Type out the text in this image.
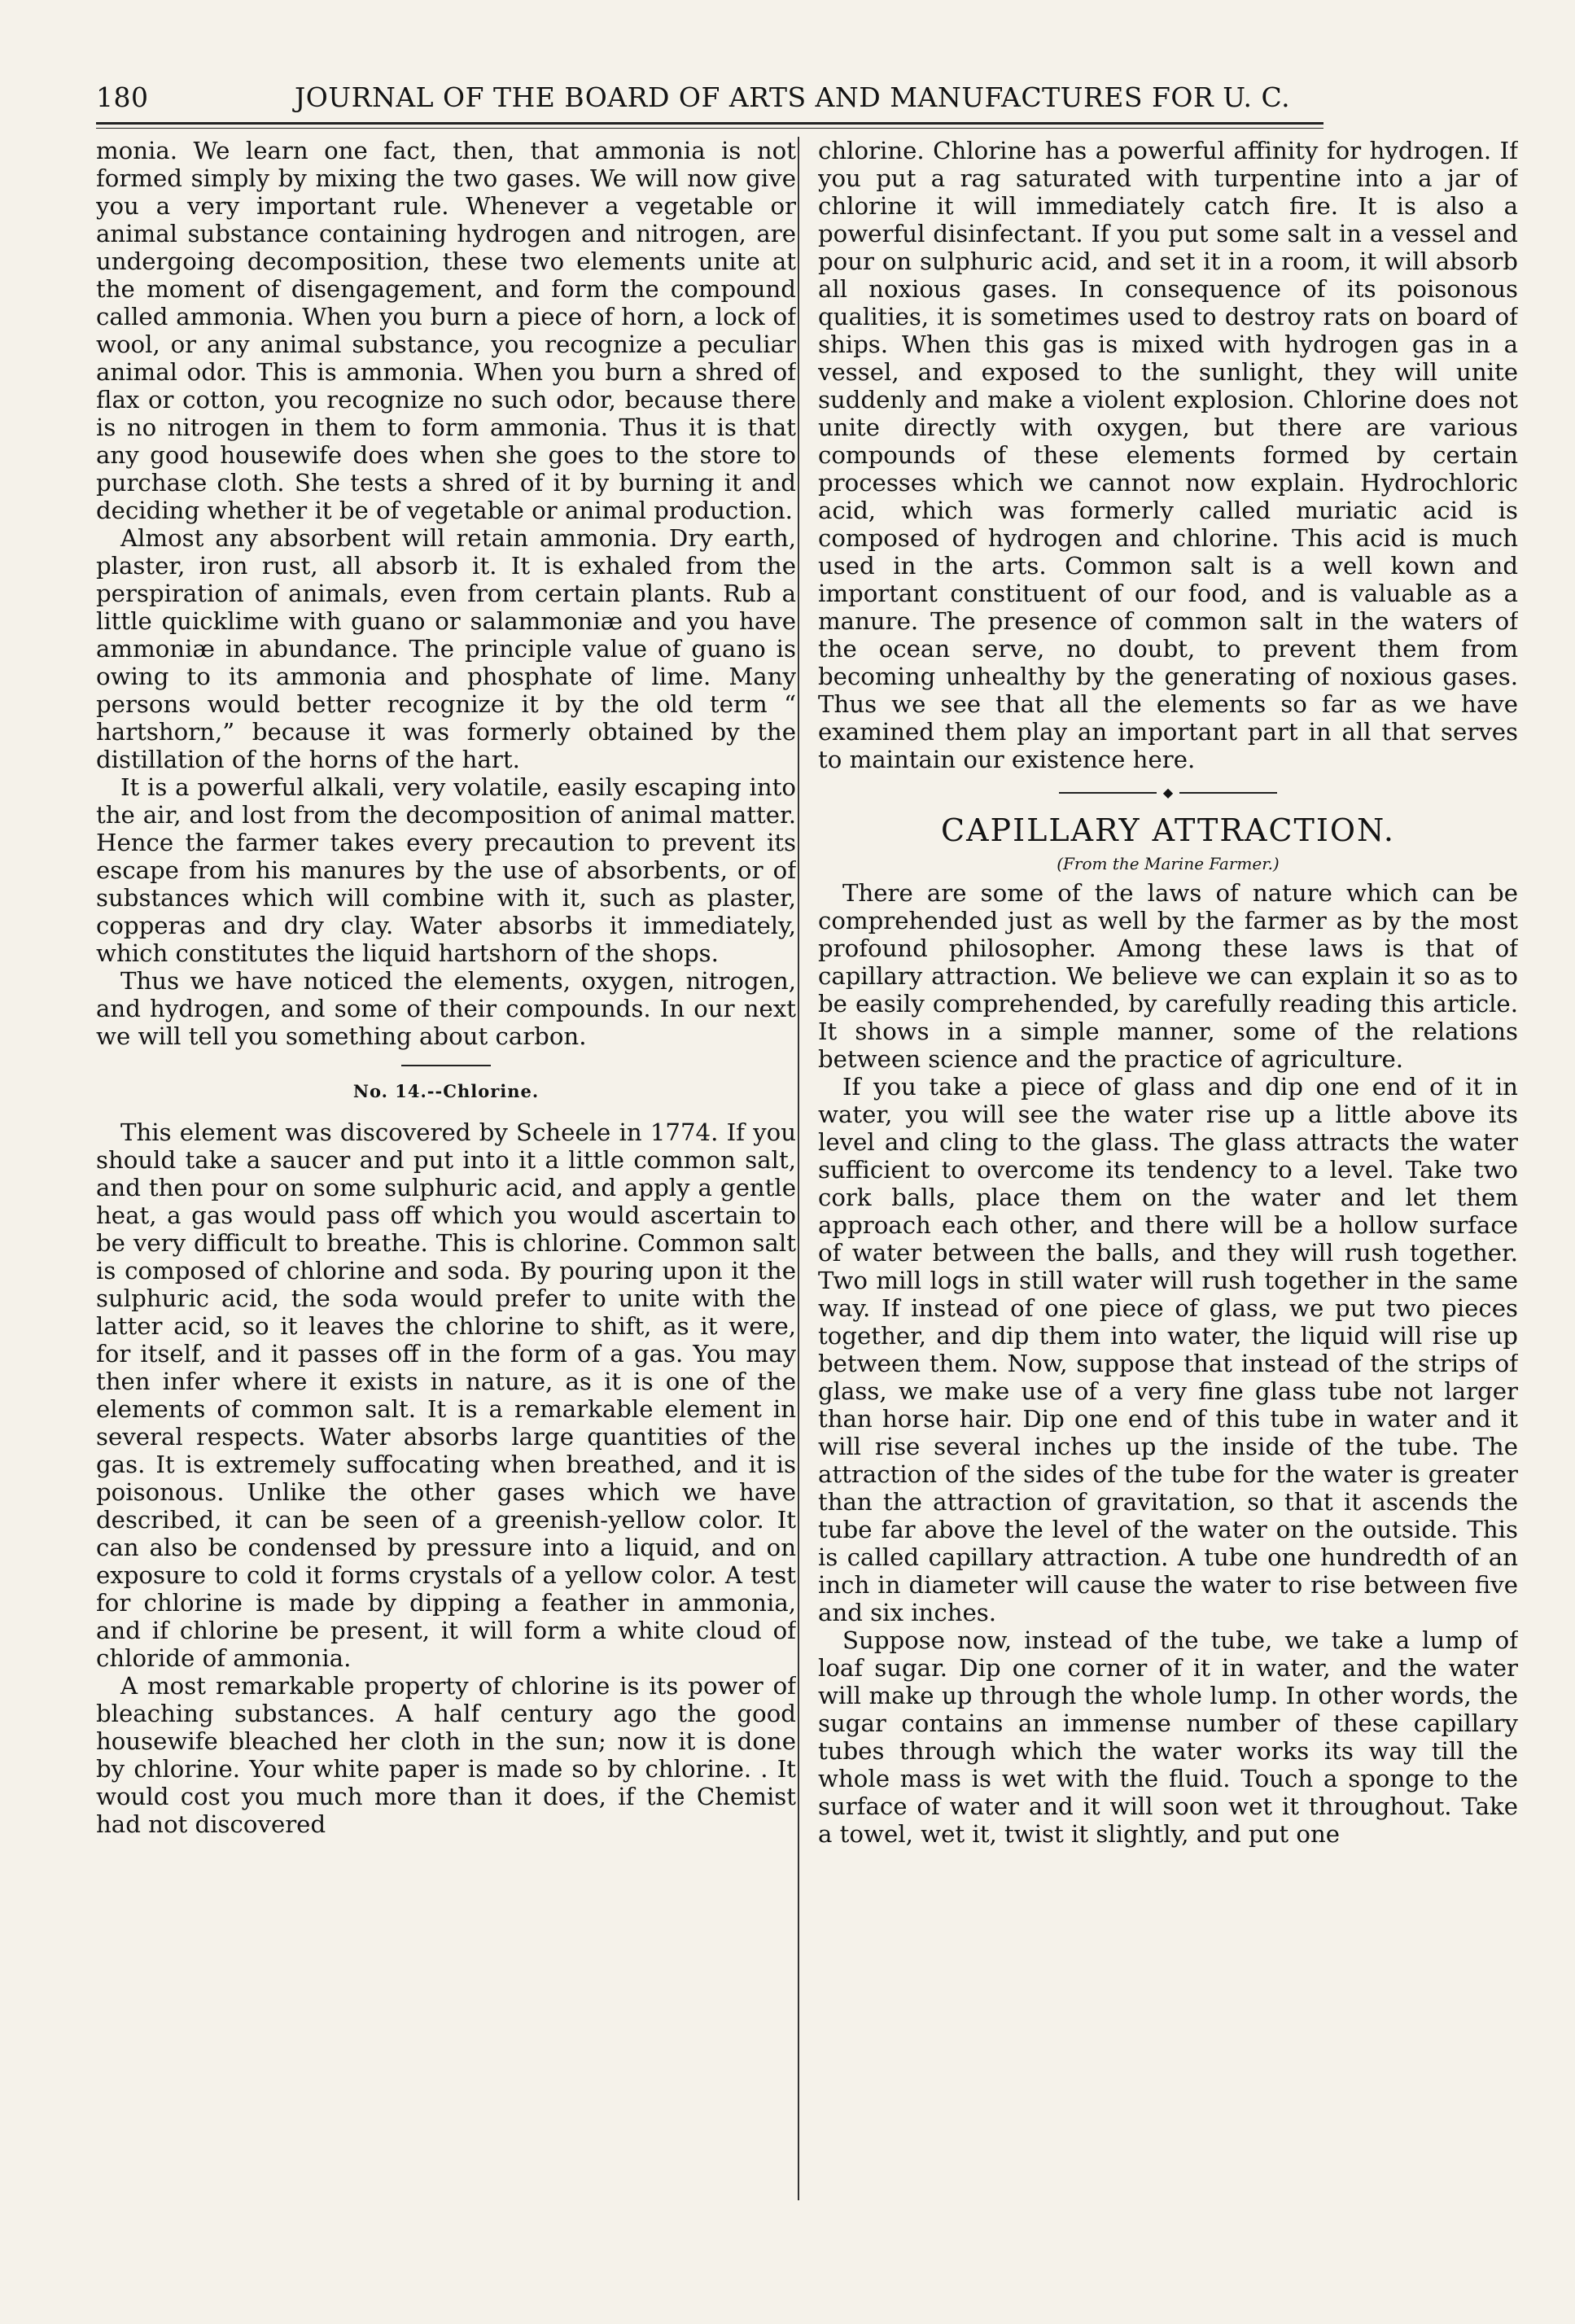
180	JOURNAL OF THE BOARD OF ARTS AND MANUFACTURES FOR U. C.

monia. We learn one fact, then, that ammonia is not formed simply by mixing the two gases. We will now give you a very important rule. Whenever a vegetable or animal substance containing hydrogen and nitrogen, are undergoing decomposition, these two elements unite at the moment of disengagement, and form the compound called ammonia. When you burn a piece of horn, a lock of wool, or any animal substance, you recognize a peculiar animal odor. This is ammonia. When you burn a shred of flax or cotton, you recognize no such odor, because there is no nitrogen in them to form ammonia. Thus it is that any good housewife does when she goes to the store to purchase cloth. She tests a shred of it by burning it and deciding whether it be of vegetable or animal production.

Almost any absorbent will retain ammonia. Dry earth, plaster, iron rust, all absorb it. It is exhaled from the perspiration of animals, even from certain plants. Rub a little quicklime with guano or salammoniæ and you have ammoniæ in abundance. The principle value of guano is owing to its ammonia and phosphate of lime. Many persons would better recognize it by the old term “ hartshorn,” because it was formerly obtained by the distillation of the horns of the hart.

It is a powerful alkali, very volatile, easily escaping into the air, and lost from the decomposition of animal matter. Hence the farmer takes every precaution to prevent its escape from his manures by the use of absorbents, or of substances which will combine with it, such as plaster, copperas and dry clay. Water absorbs it immediately, which constitutes the liquid hartshorn of the shops.

Thus we have noticed the elements, oxygen, nitrogen, and hydrogen, and some of their compounds. In our next we will tell you something about carbon.

No. 14.--Chlorine.

This element was discovered by Scheele in 1774. If you should take a saucer and put into it a little common salt, and then pour on some sulphuric acid, and apply a gentle heat, a gas would pass off which you would ascertain to be very difficult to breathe. This is chlorine. Common salt is composed of chlorine and soda. By pouring upon it the sulphuric acid, the soda would prefer to unite with the latter acid, so it leaves the chlorine to shift, as it were, for itself, and it passes off in the form of a gas. You may then infer where it exists in nature, as it is one of the elements of common salt. It is a remarkable element in several respects. Water absorbs large quantities of the gas. It is extremely suffocating when breathed, and it is poisonous. Unlike the other gases which we have described, it can be seen of a greenish-yellow color. It can also be condensed by pressure into a liquid, and on exposure to cold it forms crystals of a yellow color. A test for chlorine is made by dipping a feather in ammonia, and if chlorine be present, it will form a white cloud of chloride of ammonia.

A most remarkable property of chlorine is its power of bleaching substances. A half century ago the good housewife bleached her cloth in the sun; now it is done by chlorine. Your white paper is made so by chlorine. . It would cost you much more than it does, if the Chemist had not discovered

chlorine. Chlorine has a powerful affinity for hydrogen. If you put a rag saturated with turpentine into a jar of chlorine it will immediately catch fire. It is also a powerful disinfectant. If you put some salt in a vessel and pour on sulphuric acid, and set it in a room, it will absorb all noxious gases. In consequence of its poisonous qualities, it is sometimes used to destroy rats on board of ships. When this gas is mixed with hydrogen gas in a vessel, and exposed to the sunlight, they will unite suddenly and make a violent explosion. Chlorine does not unite directly with oxygen, but there are various compounds of these elements formed by certain processes which we cannot now explain. Hydrochloric acid, which was formerly called muriatic acid is composed of hydrogen and chlorine. This acid is much used in the arts. Common salt is a well kown and important constituent of our food, and is valuable as a manure. The presence of common salt in the waters of the ocean serve, no doubt, to prevent them from becoming unhealthy by the generating of noxious gases. Thus we see that all the elements so far as we have examined them play an important part in all that serves to maintain our existence here.

◆
CAPILLARY ATTRACTION.
(From the Marine Farmer.)

There are some of the laws of nature which can be comprehended just as well by the farmer as by the most profound philosopher. Among these laws is that of capillary attraction. We believe we can explain it so as to be easily comprehended, by carefully reading this article. It shows in a simple manner, some of the relations between science and the practice of agriculture.

If you take a piece of glass and dip one end of it in water, you will see the water rise up a little above its level and cling to the glass. The glass attracts the water sufficient to overcome its tendency to a level. Take two cork balls, place them on the water and let them approach each other, and there will be a hollow surface of water between the balls, and they will rush together. Two mill logs in still water will rush together in the same way. If instead of one piece of glass, we put two pieces together, and dip them into water, the liquid will rise up between them. Now, suppose that instead of the strips of glass, we make use of a very fine glass tube not larger than horse hair. Dip one end of this tube in water and it will rise several inches up the inside of the tube. The attraction of the sides of the tube for the water is greater than the attraction of gravitation, so that it ascends the tube far above the level of the water on the outside. This is called capillary attraction. A tube one hundredth of an inch in diameter will cause the water to rise between five and six inches.

Suppose now, instead of the tube, we take a lump of loaf sugar. Dip one corner of it in water, and the water will make up through the whole lump. In other words, the sugar contains an immense number of these capillary tubes through which the water works its way till the whole mass is wet with the fluid. Touch a sponge to the surface of water and it will soon wet it throughout. Take a towel, wet it, twist it slightly, and put one
